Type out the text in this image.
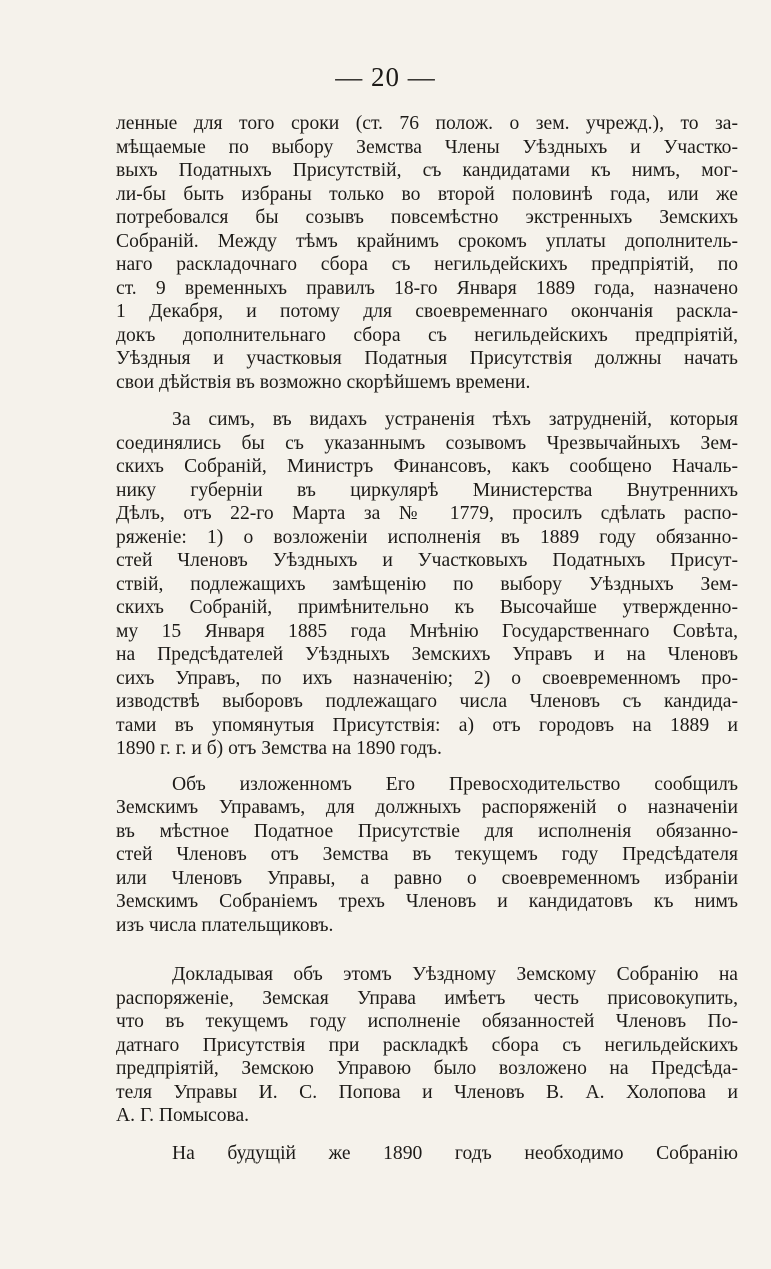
— 20 —
ленные для того сроки (ст. 76 полож. о зем. учрежд.), то за-
мѣщаемые по выбору Земства Члены Уѣздныхъ и Участко-
выхъ Податныхъ Присутствій, съ кандидатами къ нимъ, мог-
ли-бы быть избраны только во второй половинѣ года, или же
потребовался бы созывъ повсемѣстно экстренныхъ Земскихъ
Собраній. Между тѣмъ крайнимъ срокомъ уплаты дополнитель-
наго раскладочнаго сбора съ негильдейскихъ предпріятій, по
ст. 9 временныхъ правилъ 18-го Января 1889 года, назначено
1 Декабря, и потому для своевременнаго окончанія раскла-
докъ дополнительнаго сбора съ негильдейскихъ предпріятій,
Уѣздныя и участковыя Податныя Присутствія должны начать
свои дѣйствія въ возможно скорѣйшемъ времени.
За симъ, въ видахъ устраненія тѣхъ затрудненій, которыя
соединялись бы съ указаннымъ созывомъ Чрезвычайныхъ Зем-
скихъ Собраній, Министръ Финансовъ, какъ сообщено Началь-
нику губерніи въ циркулярѣ Министерства Внутреннихъ
Дѣлъ, отъ 22-го Марта за № 1779, просилъ сдѣлать распо-
ряженіе: 1) о возложеніи исполненія въ 1889 году обязанно-
стей Членовъ Уѣздныхъ и Участковыхъ Податныхъ Присут-
ствій, подлежащихъ замѣщенію по выбору Уѣздныхъ Зем-
скихъ Собраній, примѣнительно къ Высочайше утвержденно-
му 15 Января 1885 года Мнѣнію Государственнаго Совѣта,
на Предсѣдателей Уѣздныхъ Земскихъ Управъ и на Членовъ
сихъ Управъ, по ихъ назначенію; 2) о своевременномъ про-
изводствѣ выборовъ подлежащаго числа Членовъ съ кандида-
тами въ упомянутыя Присутствія: а) отъ городовъ на 1889 и
1890 г. г. и б) отъ Земства на 1890 годъ.
Объ изложенномъ Его Превосходительство сообщилъ
Земскимъ Управамъ, для должныхъ распоряженій о назначеніи
въ мѣстное Податное Присутствіе для исполненія обязанно-
стей Членовъ отъ Земства въ текущемъ году Предсѣдателя
или Членовъ Управы, а равно о своевременномъ избраніи
Земскимъ Собраніемъ трехъ Членовъ и кандидатовъ къ нимъ
изъ числа плательщиковъ.
Докладывая объ этомъ Уѣздному Земскому Собранію на
распоряженіе, Земская Управа имѣетъ честь присовокупить,
что въ текущемъ году исполненіе обязанностей Членовъ По-
датнаго Присутствія при раскладкѣ сбора съ негильдейскихъ
предпріятій, Земскою Управою было возложено на Предсѣда-
теля Управы И. С. Попова и Членовъ В. А. Холопова и
А. Г. Помысова.
На будущій же 1890 годъ необходимо Собранію
